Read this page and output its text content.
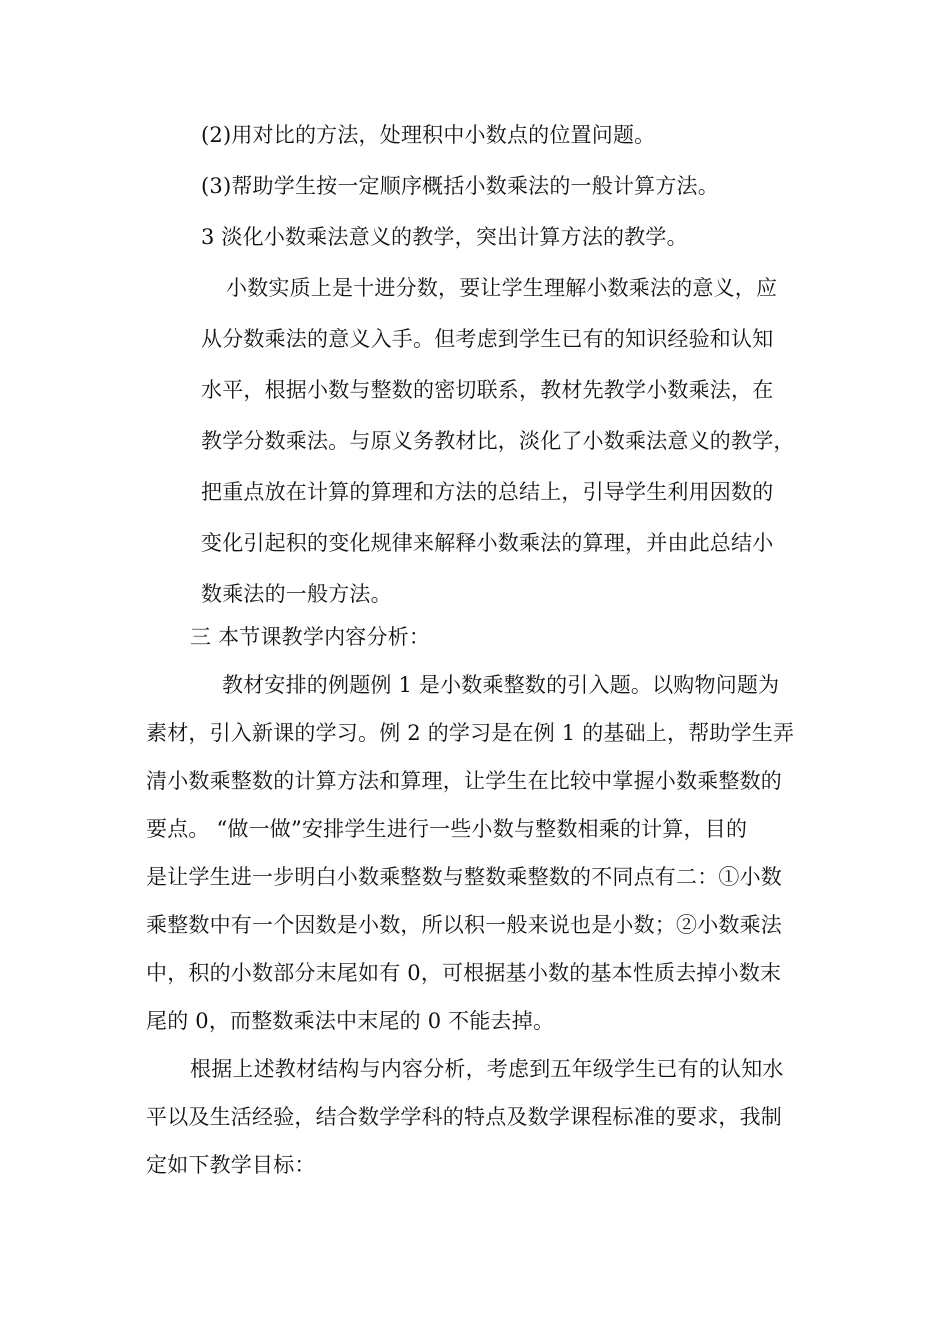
(2)用对比的方法，处理积中小数点的位置问题。
(3)帮助学生按一定顺序概括小数乘法的一般计算方法。
3 淡化小数乘法意义的教学，突出计算方法的教学。
小数实质上是十进分数，要让学生理解小数乘法的意义，应
从分数乘法的意义入手。但考虑到学生已有的知识经验和认知
水平，根据小数与整数的密切联系，教材先教学小数乘法，在
教学分数乘法。与原义务教材比，淡化了小数乘法意义的教学，
把重点放在计算的算理和方法的总结上，引导学生利用因数的
变化引起积的变化规律来解释小数乘法的算理，并由此总结小
数乘法的一般方法。
三 本节课教学内容分析：
教材安排的例题例 1 是小数乘整数的引入题。以购物问题为
素材，引入新课的学习。例 2 的学习是在例 1 的基础上，帮助学生弄
清小数乘整数的计算方法和算理，让学生在比较中掌握小数乘整数的
要点。 “做一做”安排学生进行一些小数与整数相乘的计算，目的
是让学生进一步明白小数乘整数与整数乘整数的不同点有二：①小数
乘整数中有一个因数是小数，所以积一般来说也是小数；②小数乘法
中，积的小数部分末尾如有 0，可根据基小数的基本性质去掉小数末
尾的 0，而整数乘法中末尾的 0 不能去掉。
根据上述教材结构与内容分析，考虑到五年级学生已有的认知水
平以及生活经验，结合数学学科的特点及数学课程标准的要求，我制
定如下教学目标：
